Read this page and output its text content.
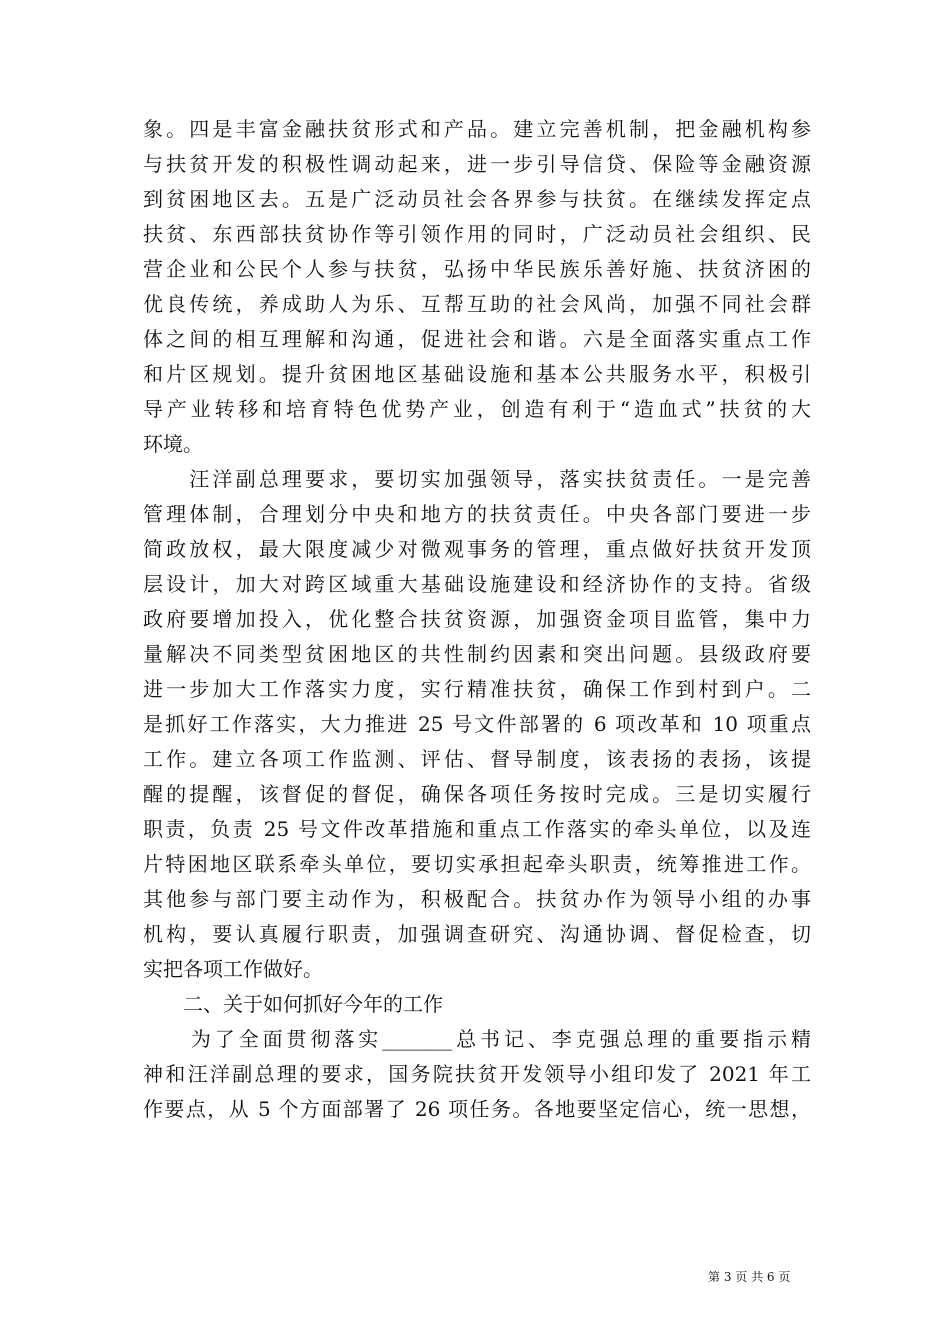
象。四是丰富金融扶贫形式和产品。建立完善机制，把金融机构参
与扶贫开发的积极性调动起来，进一步引导信贷、保险等金融资源
到贫困地区去。五是广泛动员社会各界参与扶贫。在继续发挥定点
扶贫、东西部扶贫协作等引领作用的同时，广泛动员社会组织、民
营企业和公民个人参与扶贫，弘扬中华民族乐善好施、扶贫济困的
优良传统，养成助人为乐、互帮互助的社会风尚，加强不同社会群
体之间的相互理解和沟通，促进社会和谐。六是全面落实重点工作
和片区规划。提升贫困地区基础设施和基本公共服务水平，积极引
导产业转移和培育特色优势产业，创造有利于“造血式”扶贫的大
环境。
　　汪洋副总理要求，要切实加强领导，落实扶贫责任。一是完善
管理体制，合理划分中央和地方的扶贫责任。中央各部门要进一步
简政放权，最大限度减少对微观事务的管理，重点做好扶贫开发顶
层设计，加大对跨区域重大基础设施建设和经济协作的支持。省级
政府要增加投入，优化整合扶贫资源，加强资金项目监管，集中力
量解决不同类型贫困地区的共性制约因素和突出问题。县级政府要
进一步加大工作落实力度，实行精准扶贫，确保工作到村到户。二
是抓好工作落实，大力推进 25 号文件部署的 6 项改革和 10 项重点
工作。建立各项工作监测、评估、督导制度，该表扬的表扬，该提
醒的提醒，该督促的督促，确保各项任务按时完成。三是切实履行
职责，负责 25 号文件改革措施和重点工作落实的牵头单位，以及连
片特困地区联系牵头单位，要切实承担起牵头职责，统筹推进工作。
其他参与部门要主动作为，积极配合。扶贫办作为领导小组的办事
机构，要认真履行职责，加强调查研究、沟通协调、督促检查，切
实把各项工作做好。
　　二、关于如何抓好今年的工作
　　为了全面贯彻落实_______总书记、李克强总理的重要指示精
神和汪洋副总理的要求，国务院扶贫开发领导小组印发了 2021 年工
作要点，从 5 个方面部署了 26 项任务。各地要坚定信心，统一思想，
第 3 页 共 6 页
